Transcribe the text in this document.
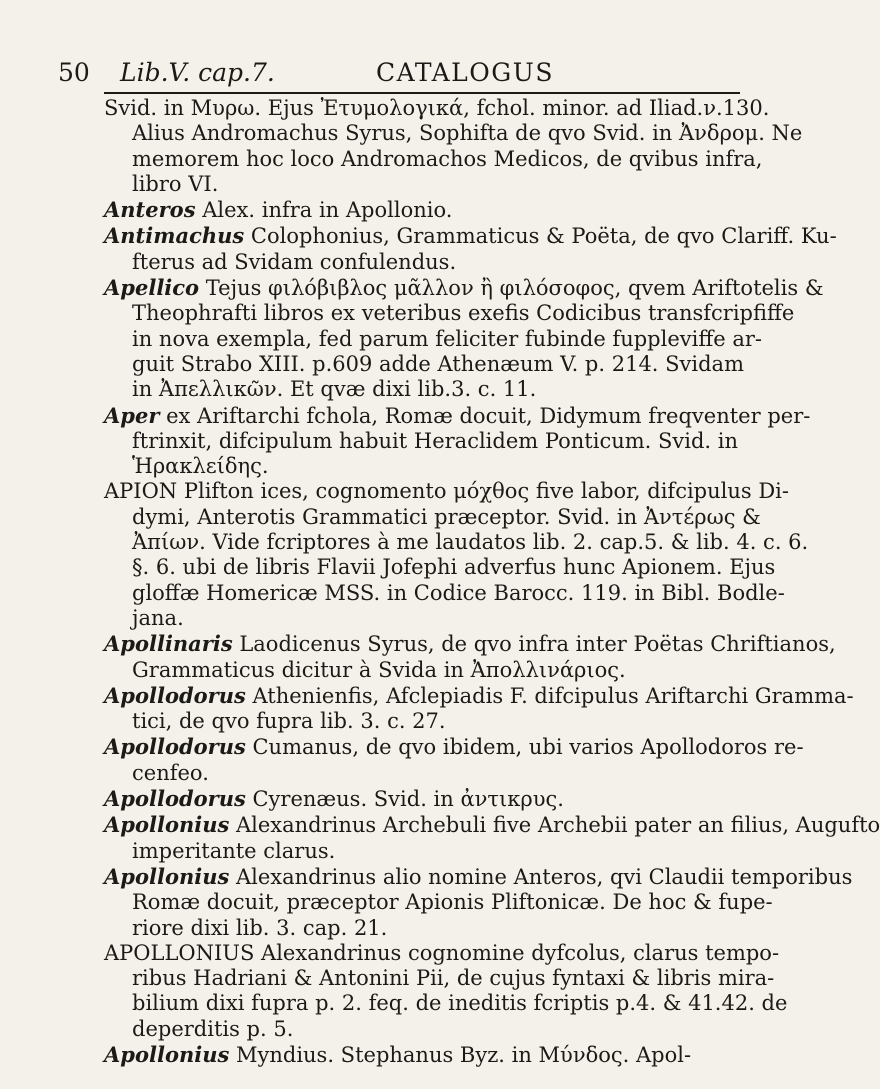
50 Lib.V. cap.7.	CATALOGUS
Svid. in Μυρω. Ejus Ἐτυμολογικά, fchol. minor. ad Iliad.ν.130.
Alius Andromachus Syrus, Sophifta de qvo Svid. in Ἀνδρομ. Ne
memorem hoc loco Andromachos Medicos, de qvibus infra,
libro VI.
Anteros Alex. infra in Apollonio.
Antimachus Colophonius, Grammaticus & Poëta, de qvo Clariff. Ku-
fterus ad Svidam confulendus.
Apellico Tejus φιλόβιβλος μᾶλλον ἢ φιλόσοφος, qvem Ariftotelis &
Theophrafti libros ex veteribus exefis Codicibus transfcripfiffe
in nova exempla, fed parum feliciter fubinde fuppleviffe ar-
guit Strabo XIII. p.609 adde Athenæum V. p. 214. Svidam
in Ἀπελλικῶν. Et qvæ dixi lib.3. c. 11.
Aper ex Ariftarchi fchola, Romæ docuit, Didymum freqventer per-
ftrinxit, difcipulum habuit Heraclidem Ponticum. Svid. in
Ἡρακλείδης.
APION Plifton ices, cognomento μόχθος five labor, difcipulus Di-
dymi, Anterotis Grammatici præceptor. Svid. in Ἀντέρως &
Ἀπίων. Vide fcriptores à me laudatos lib. 2. cap.5. & lib. 4. c. 6.
§. 6. ubi de libris Flavii Jofephi adverfus hunc Apionem. Ejus
gloffæ Homericæ MSS. in Codice Barocc. 119. in Bibl. Bodle-
jana.
Apollinaris Laodicenus Syrus, de qvo infra inter Poëtas Chriftianos,
Grammaticus dicitur à Svida in Ἀπολλινάριος.
Apollodorus Athenienfis, Afclepiadis F. difcipulus Ariftarchi Gramma-
tici, de qvo fupra lib. 3. c. 27.
Apollodorus Cumanus, de qvo ibidem, ubi varios Apollodoros re-
cenfeo.
Apollodorus Cyrenæus. Svid. in ἀντικρυς.
Apollonius Alexandrinus Archebuli five Archebii pater an filius, Augufto
imperitante clarus.
Apollonius Alexandrinus alio nomine Anteros, qvi Claudii temporibus
Romæ docuit, præceptor Apionis Pliftonicæ. De hoc & fupe-
riore dixi lib. 3. cap. 21.
APOLLONIUS Alexandrinus cognomine dyfcolus, clarus tempo-
ribus Hadriani & Antonini Pii, de cujus fyntaxi & libris mira-
bilium dixi fupra p. 2. feq. de ineditis fcriptis p.4. & 41.42. de
deperditis p. 5.
Apollonius Myndius. Stephanus Byz. in Μύνδος. Apol-
